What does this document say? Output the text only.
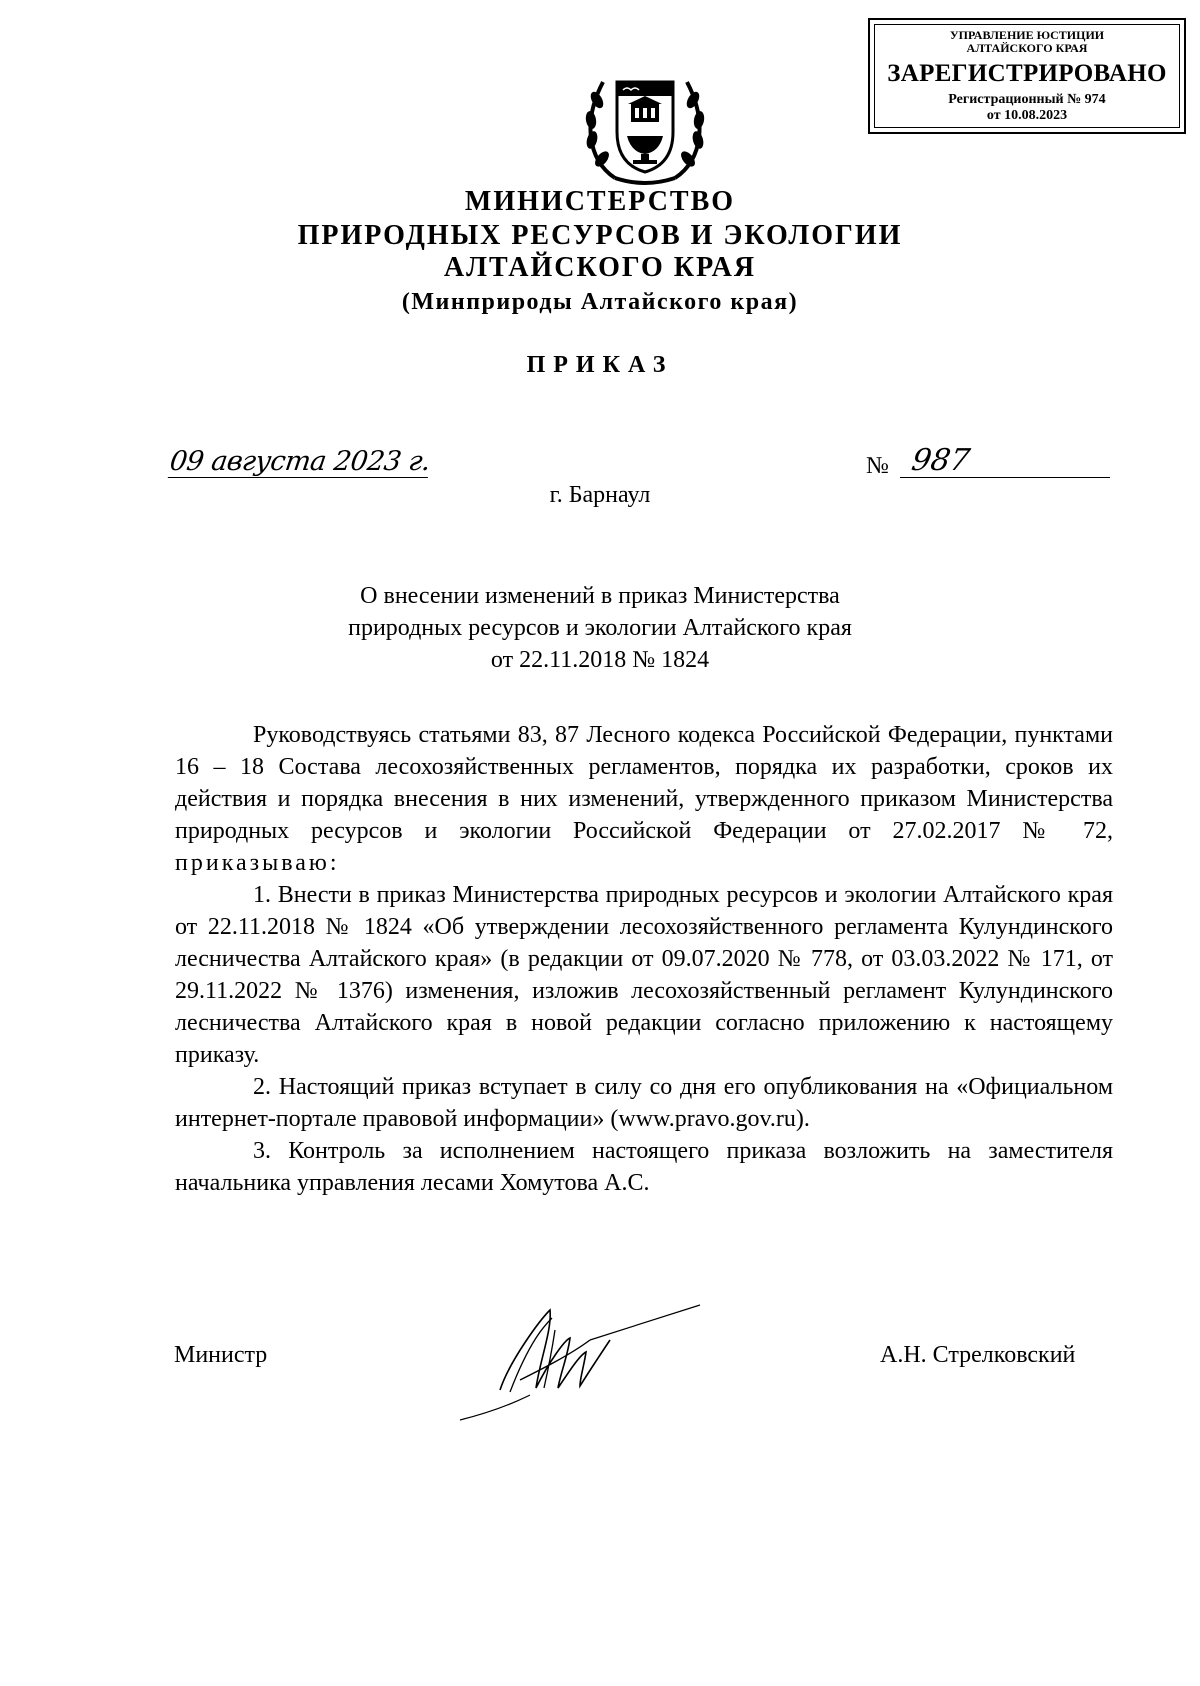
УПРАВЛЕНИЕ ЮСТИЦИИ
АЛТАЙСКОГО КРАЯ
ЗАРЕГИСТРИРОВАНО
Регистрационный № 974
от 10.08.2023
МИНИСТЕРСТВО
ПРИРОДНЫХ РЕСУРСОВ И ЭКОЛОГИИ
АЛТАЙСКОГО КРАЯ
(Минприроды Алтайского края)
ПРИКАЗ
09 августа 2023 г.	№ 987
г. Барнаул
О внесении изменений в приказ Министерства
природных ресурсов и экологии Алтайского края
от 22.11.2018 № 1824

Руководствуясь статьями 83, 87 Лесного кодекса Российской Федерации, пунктами 16 – 18 Состава лесохозяйственных регламентов, порядка их разработки, сроков их действия и порядка внесения в них изменений, утвержденного приказом Министерства природных ресурсов и экологии Российской Федерации от 27.02.2017 № 72, приказываю:

1. Внести в приказ Министерства природных ресурсов и экологии Алтайского края от 22.11.2018 № 1824 «Об утверждении лесохозяйственного регламента Кулундинского лесничества Алтайского края» (в редакции от 09.07.2020 № 778, от 03.03.2022 № 171, от 29.11.2022 № 1376) изменения, изложив лесохозяйственный регламент Кулундинского лесничества Алтайского края в новой редакции согласно приложению к настоящему приказу.

2. Настоящий приказ вступает в силу со дня его опубликования на «Официальном интернет-портале правовой информации» (www.pravo.gov.ru).

3. Контроль за исполнением настоящего приказа возложить на заместителя начальника управления лесами Хомутова А.С.

Министр	А.Н. Стрелковский
